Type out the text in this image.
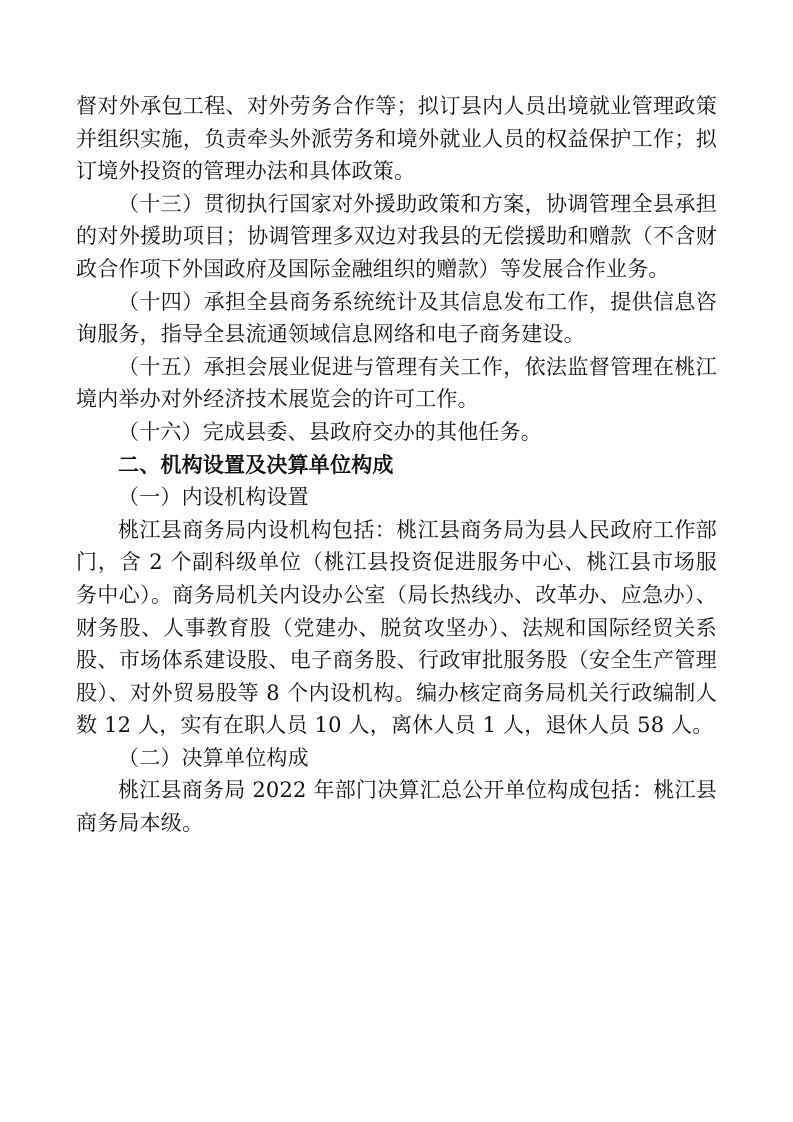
督对外承包工程、对外劳务合作等；拟订县内人员出境就业管理政策并组织实施，负责牵头外派劳务和境外就业人员的权益保护工作；拟订境外投资的管理办法和具体政策。

（十三）贯彻执行国家对外援助政策和方案，协调管理全县承担的对外援助项目；协调管理多双边对我县的无偿援助和赠款（不含财政合作项下外国政府及国际金融组织的赠款）等发展合作业务。

（十四）承担全县商务系统统计及其信息发布工作，提供信息咨询服务，指导全县流通领域信息网络和电子商务建设。

（十五）承担会展业促进与管理有关工作，依法监督管理在桃江境内举办对外经济技术展览会的许可工作。

（十六）完成县委、县政府交办的其他任务。

二、机构设置及决算单位构成

（一）内设机构设置

桃江县商务局内设机构包括：桃江县商务局为县人民政府工作部门，含 2 个副科级单位（桃江县投资促进服务中心、桃江县市场服务中心）。商务局机关内设办公室（局长热线办、改革办、应急办）、财务股、人事教育股（党建办、脱贫攻坚办）、法规和国际经贸关系股、市场体系建设股、电子商务股、行政审批服务股（安全生产管理股）、对外贸易股等 8 个内设机构。编办核定商务局机关行政编制人数 12 人，实有在职人员 10 人，离休人员 1 人，退休人员 58 人。

（二）决算单位构成

桃江县商务局 2022 年部门决算汇总公开单位构成包括：桃江县商务局本级。
